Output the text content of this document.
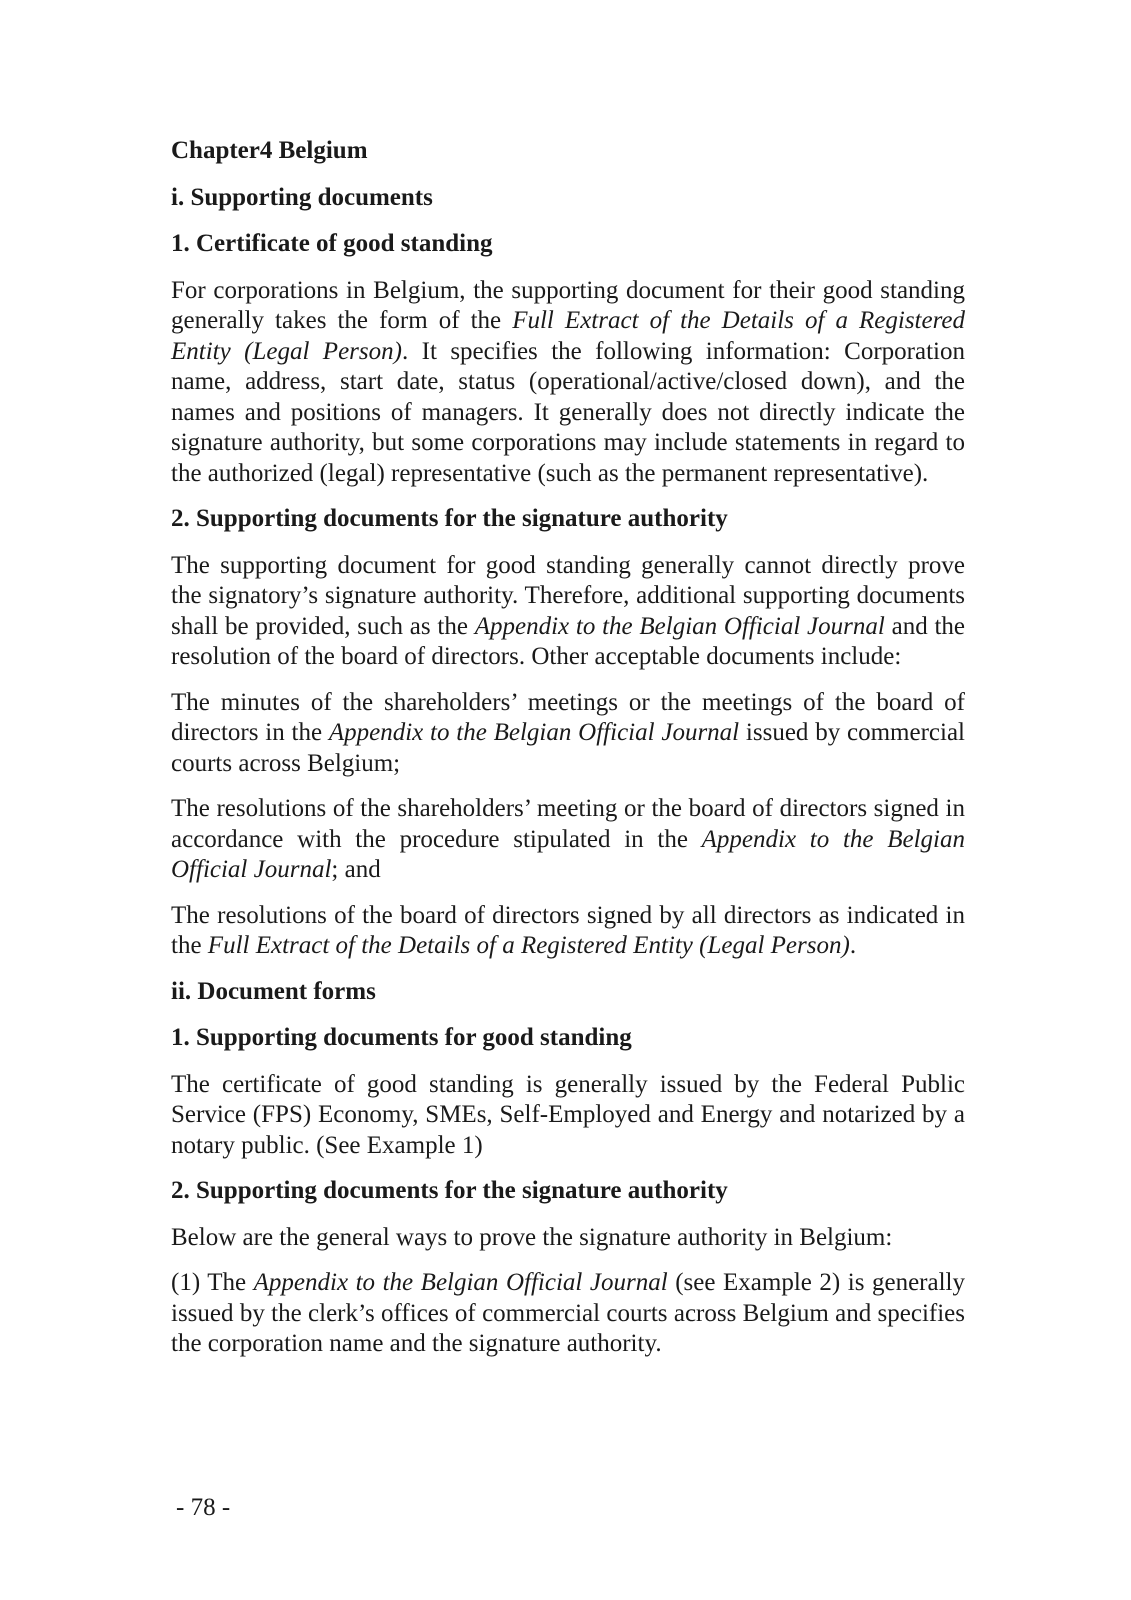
Chapter4 Belgium

i. Supporting documents

1. Certificate of good standing

For corporations in Belgium, the supporting document for their good standing generally takes the form of the Full Extract of the Details of a Registered Entity (Legal Person). It specifies the following information: Corporation name, address, start date, status (operational/active/closed down), and the names and positions of managers. It generally does not directly indicate the signature authority, but some corporations may include statements in regard to the authorized (legal) representative (such as the permanent representative).

2. Supporting documents for the signature authority

The supporting document for good standing generally cannot directly prove the signatory’s signature authority. Therefore, additional supporting documents shall be provided, such as the Appendix to the Belgian Official Journal and the resolution of the board of directors. Other acceptable documents include:

The minutes of the shareholders’ meetings or the meetings of the board of directors in the Appendix to the Belgian Official Journal issued by commercial courts across Belgium;

The resolutions of the shareholders’ meeting or the board of directors signed in accordance with the procedure stipulated in the Appendix to the Belgian Official Journal; and

The resolutions of the board of directors signed by all directors as indicated in the Full Extract of the Details of a Registered Entity (Legal Person).

ii. Document forms

1. Supporting documents for good standing

The certificate of good standing is generally issued by the Federal Public Service (FPS) Economy, SMEs, Self-Employed and Energy and notarized by a notary public. (See Example 1)

2. Supporting documents for the signature authority

Below are the general ways to prove the signature authority in Belgium:

(1) The Appendix to the Belgian Official Journal (see Example 2) is generally issued by the clerk’s offices of commercial courts across Belgium and specifies the corporation name and the signature authority.

- 78 -
